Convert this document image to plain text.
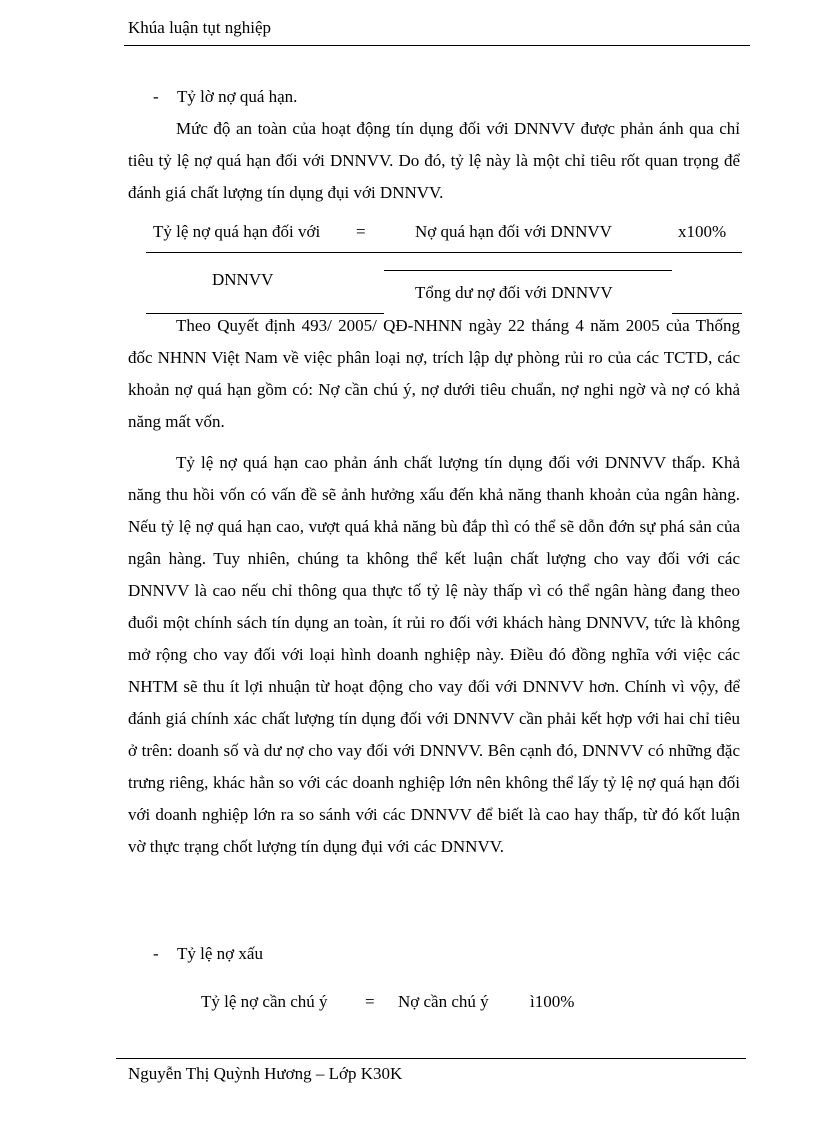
Khúa luận tụt nghiệp
- Tỷ lờ nợ quá hạn.

Mức độ an toàn của hoạt động tín dụng đối với DNNVV được phản ánh qua chỉ tiêu tỷ lệ nợ quá hạn đối với DNNVV. Do đó, tỷ lệ này là một chỉ tiêu rốt quan trọng để đánh giá chất lượng tín dụng đụi với DNNVV.

Tỷ lệ nợ quá hạn đối với =	Nợ quá hạn đối với DNNVV	x100%
DNNVV
Tổng dư nợ đối với DNNVV

Theo Quyết định 493/ 2005/ QĐ-NHNN ngày 22 tháng 4 năm 2005 của Thống đốc NHNN Việt Nam về việc phân loại nợ, trích lập dự phòng rủi ro của các TCTD, các khoản nợ quá hạn gồm có: Nợ cần chú ý, nợ dưới tiêu chuẩn, nợ nghi ngờ và nợ có khả năng mất vốn.

Tỷ lệ nợ quá hạn cao phản ánh chất lượng tín dụng đối với DNNVV thấp. Khả năng thu hồi vốn có vấn đề sẽ ảnh hưởng xấu đến khả năng thanh khoản của ngân hàng. Nếu tỷ lệ nợ quá hạn cao, vượt quá khả năng bù đắp thì có thể sẽ dỗn đớn sự phá sản của ngân hàng. Tuy nhiên, chúng ta không thể kết luận chất lượng cho vay đối với các DNNVV là cao nếu chỉ thông qua thực tố tỷ lệ này thấp vì có thể ngân hàng đang theo đuổi một chính sách tín dụng an toàn, ít rủi ro đối với khách hàng DNNVV, tức là không mở rộng cho vay đối với loại hình doanh nghiệp này. Điều đó đồng nghĩa với việc các NHTM sẽ thu ít lợi nhuận từ hoạt động cho vay đối với DNNVV hơn. Chính vì vộy, để đánh giá chính xác chất lượng tín dụng đối với DNNVV cần phải kết hợp với hai chỉ tiêu ở trên: doanh số và dư nợ cho vay đối với DNNVV. Bên cạnh đó, DNNVV có những đặc trưng riêng, khác hẳn so với các doanh nghiệp lớn nên không thể lấy tỷ lệ nợ quá hạn đối với doanh nghiệp lớn ra so sánh với các DNNVV để biết là cao hay thấp, từ đó kốt luận vờ thực trạng chốt lượng tín dụng đụi với các DNNVV.

- Tỷ lệ nợ xấu
Tỷ lệ nợ cần chú ý = Nợ cần chú ý ì100%
Nguyễn Thị Quỳnh Hương – Lớp K30K
